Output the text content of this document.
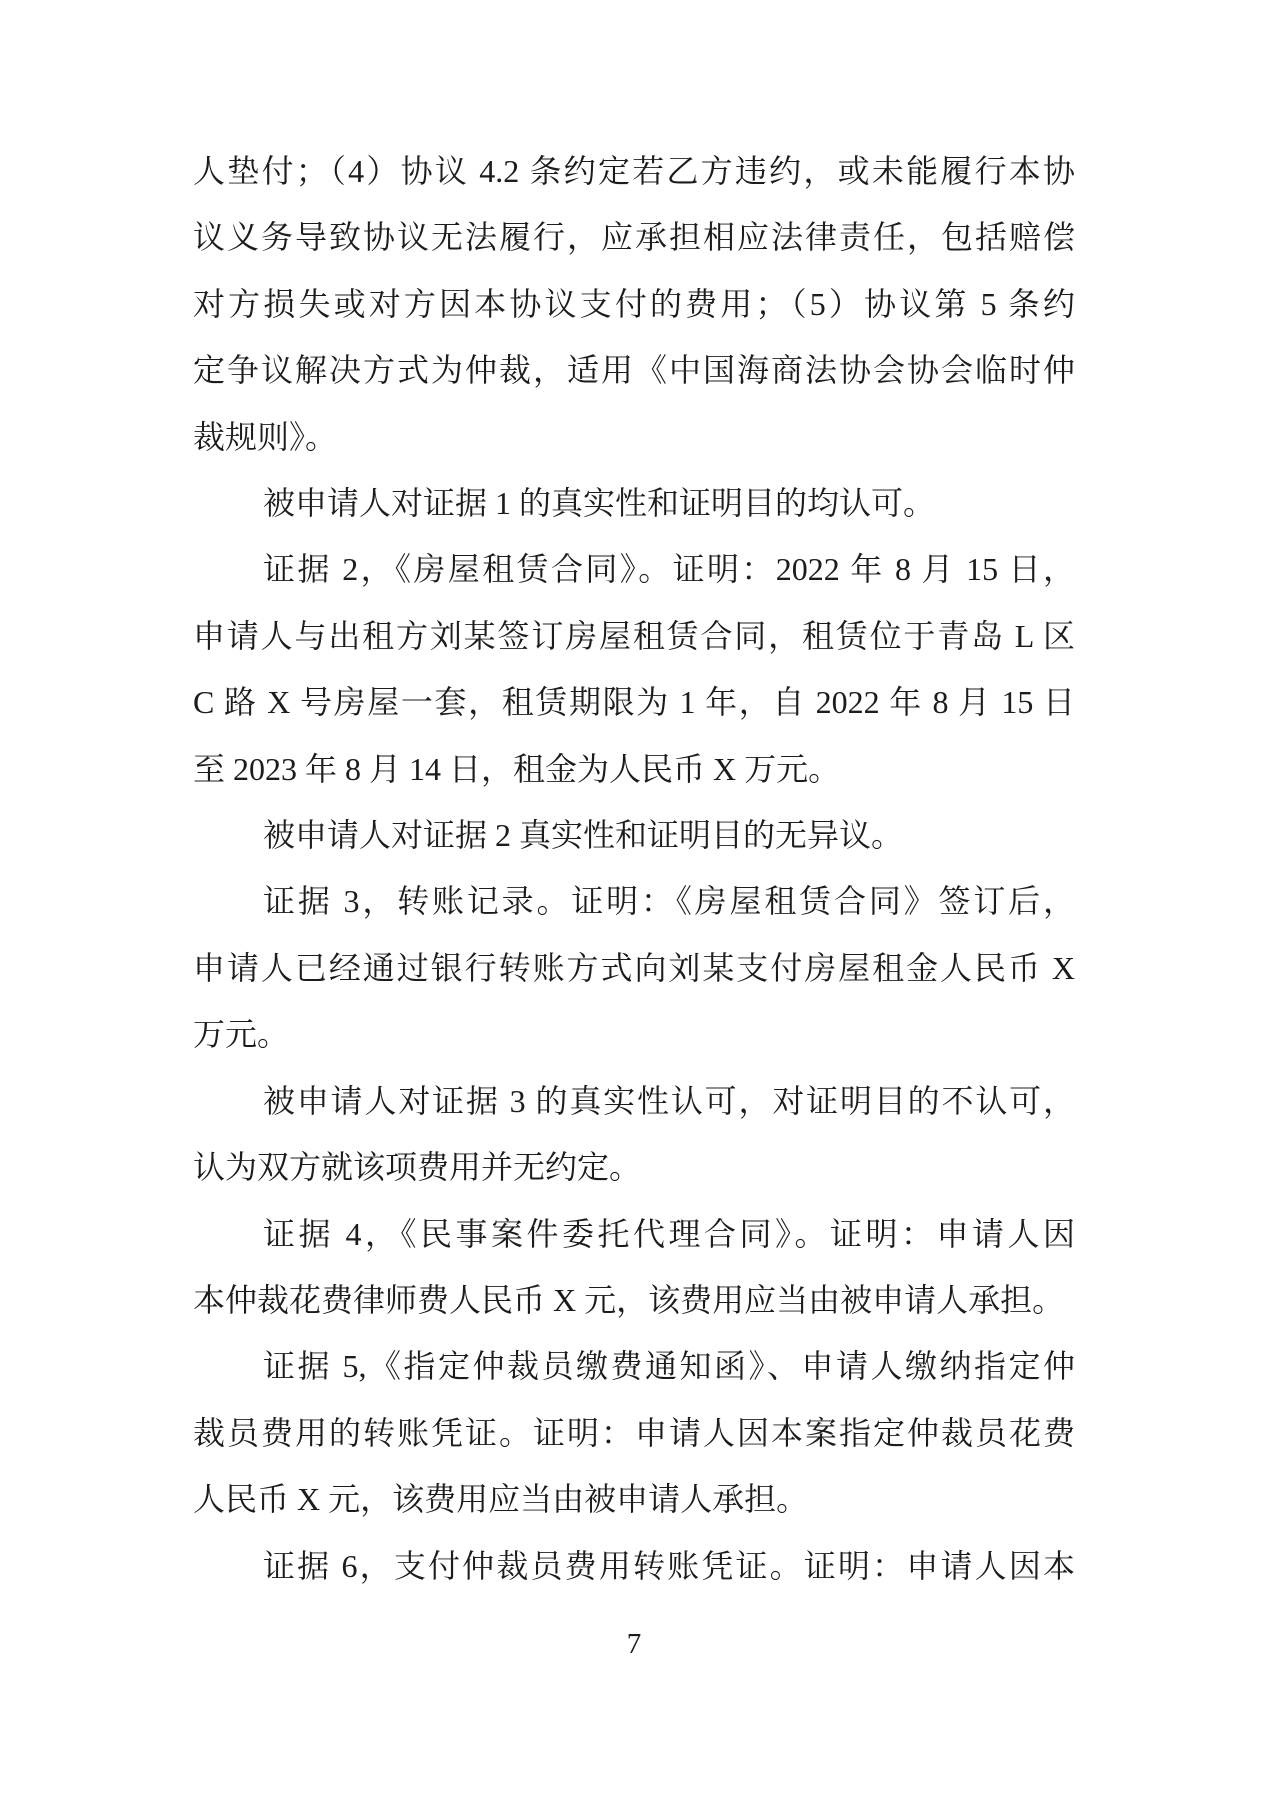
人垫付；（4）协议 4.2 条约定若乙方违约，或未能履行本协
议义务导致协议无法履行，应承担相应法律责任，包括赔偿
对方损失或对方因本协议支付的费用；（5）协议第 5 条约
定争议解决方式为仲裁，适用《中国海商法协会协会临时仲
裁规则》。
被申请人对证据 1 的真实性和证明目的均认可。
证据 2，《房屋租赁合同》。证明：2022 年 8 月 15 日，
申请人与出租方刘某签订房屋租赁合同，租赁位于青岛 L 区
C 路 X 号房屋一套，租赁期限为 1 年，自 2022 年 8 月 15 日
至 2023 年 8 月 14 日，租金为人民币 X 万元。
被申请人对证据 2 真实性和证明目的无异议。
证据 3，转账记录。证明：《房屋租赁合同》签订后，
申请人已经通过银行转账方式向刘某支付房屋租金人民币 X
万元。
被申请人对证据 3 的真实性认可，对证明目的不认可，
认为双方就该项费用并无约定。
证据 4，《民事案件委托代理合同》。证明：申请人因
本仲裁花费律师费人民币 X 元，该费用应当由被申请人承担。
证据 5,《指定仲裁员缴费通知函》、申请人缴纳指定仲
裁员费用的转账凭证。证明：申请人因本案指定仲裁员花费
人民币 X 元，该费用应当由被申请人承担。
证据 6，支付仲裁员费用转账凭证。证明：申请人因本
7
